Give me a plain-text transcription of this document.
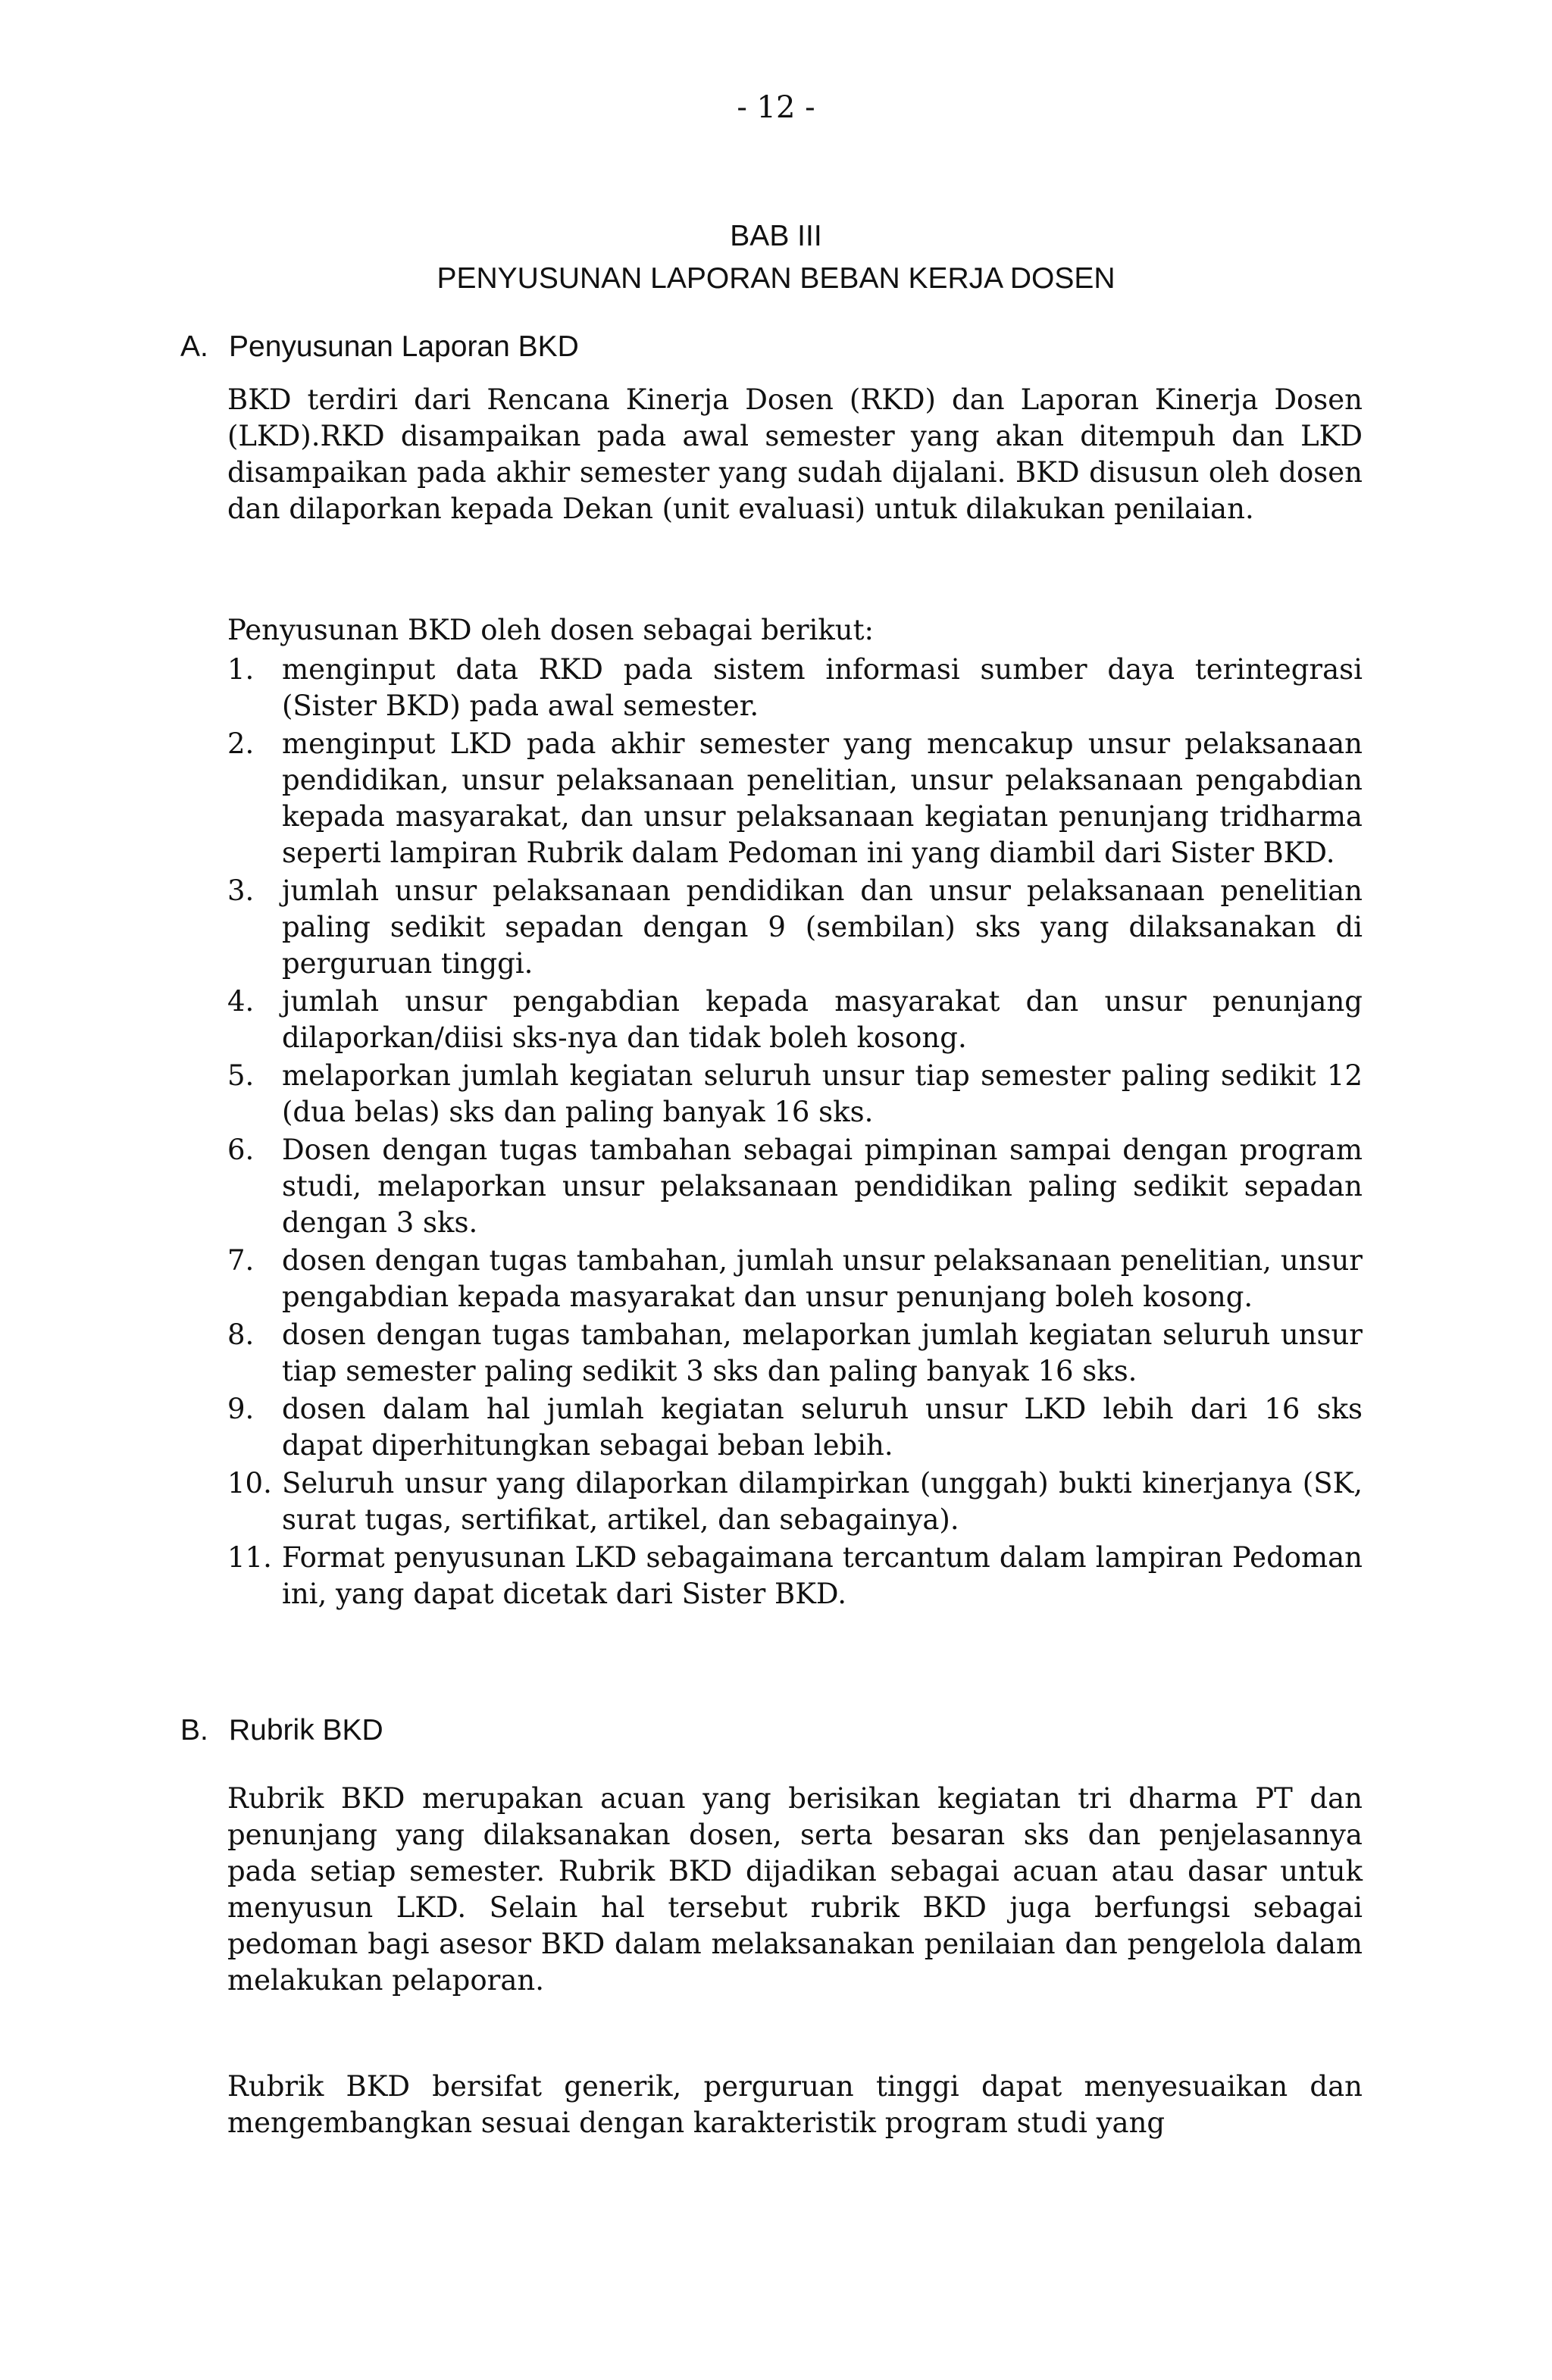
- 12 -
BAB III
PENYUSUNAN LAPORAN BEBAN KERJA DOSEN
A. Penyusunan Laporan BKD

BKD terdiri dari Rencana Kinerja Dosen (RKD) dan Laporan Kinerja Dosen (LKD).RKD disampaikan pada awal semester yang akan ditempuh dan LKD disampaikan pada akhir semester yang sudah dijalani. BKD disusun oleh dosen dan dilaporkan kepada Dekan (unit evaluasi) untuk dilakukan penilaian.

Penyusunan BKD oleh dosen sebagai berikut:

1. menginput data RKD pada sistem informasi sumber daya terintegrasi (Sister BKD) pada awal semester.
2. menginput LKD pada akhir semester yang mencakup unsur pelaksanaan pendidikan, unsur pelaksanaan penelitian, unsur pelaksanaan pengabdian kepada masyarakat, dan unsur pelaksanaan kegiatan penunjang tridharma seperti lampiran Rubrik dalam Pedoman ini yang diambil dari Sister BKD.
3. jumlah unsur pelaksanaan pendidikan dan unsur pelaksanaan penelitian paling sedikit sepadan dengan 9 (sembilan) sks yang dilaksanakan di perguruan tinggi.
4. jumlah unsur pengabdian kepada masyarakat dan unsur penunjang dilaporkan/diisi sks-nya dan tidak boleh kosong.
5. melaporkan jumlah kegiatan seluruh unsur tiap semester paling sedikit 12 (dua belas) sks dan paling banyak 16 sks.
6. Dosen dengan tugas tambahan sebagai pimpinan sampai dengan program studi, melaporkan unsur pelaksanaan pendidikan paling sedikit sepadan dengan 3 sks.
7. dosen dengan tugas tambahan, jumlah unsur pelaksanaan penelitian, unsur pengabdian kepada masyarakat dan unsur penunjang boleh kosong.
8. dosen dengan tugas tambahan, melaporkan jumlah kegiatan seluruh unsur tiap semester paling sedikit 3 sks dan paling banyak 16 sks.
9. dosen dalam hal jumlah kegiatan seluruh unsur LKD lebih dari 16 sks dapat diperhitungkan sebagai beban lebih.
10. Seluruh unsur yang dilaporkan dilampirkan (unggah) bukti kinerjanya (SK, surat tugas, sertifikat, artikel, dan sebagainya).
11. Format penyusunan LKD sebagaimana tercantum dalam lampiran Pedoman ini, yang dapat dicetak dari Sister BKD.
B. Rubrik BKD

Rubrik BKD merupakan acuan yang berisikan kegiatan tri dharma PT dan penunjang yang dilaksanakan dosen, serta besaran sks dan penjelasannya pada setiap semester. Rubrik BKD dijadikan sebagai acuan atau dasar untuk menyusun LKD. Selain hal tersebut rubrik BKD juga berfungsi sebagai pedoman bagi asesor BKD dalam melaksanakan penilaian dan pengelola dalam melakukan pelaporan.

Rubrik BKD bersifat generik, perguruan tinggi dapat menyesuaikan dan mengembangkan sesuai dengan karakteristik program studi yang
